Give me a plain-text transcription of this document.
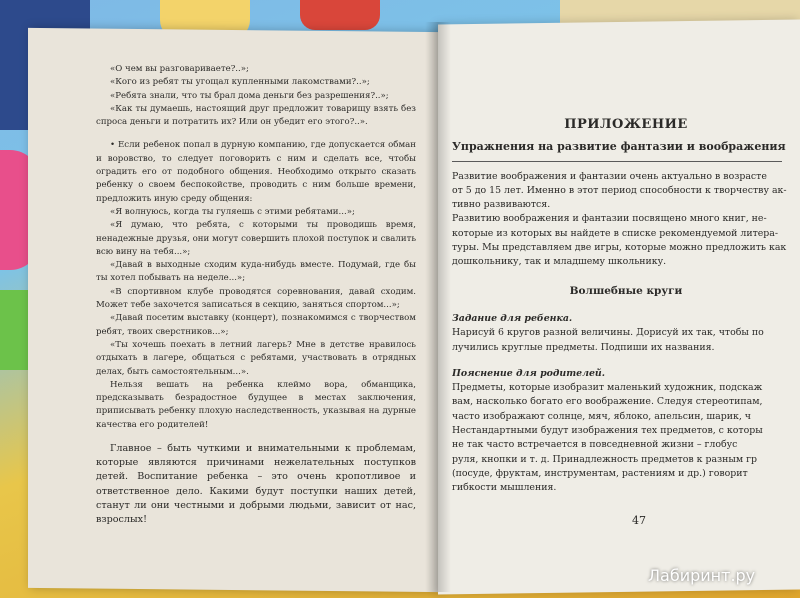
«О чем вы разговариваете?..»;

«Кого из ребят ты угощал купленными лакомствами?..»;

«Ребята знали, что ты брал дома деньги без разрешения?..»;

«Как ты думаешь, настоящий друг предложит товарищу взять без спроса деньги и потратить их? Или он убедит его этого?..».

• Если ребенок попал в дурную компанию, где допускается обман и воровство, то следует поговорить с ним и сделать все, чтобы оградить его от подобного общения. Необходимо открыто сказать ребенку о своем беспокойстве, проводить с ним больше времени, предложить иную среду общения:

«Я волнуюсь, когда ты гуляешь с этими ребятами...»;

«Я думаю, что ребята, с которыми ты проводишь время, ненадежные друзья, они могут совершить плохой поступок и свалить всю вину на тебя...»;

«Давай в выходные сходим куда-нибудь вместе. Подумай, где бы ты хотел побывать на неделе...»;

«В спортивном клубе проводятся соревнования, давай сходим. Может тебе захочется записаться в секцию, заняться спортом...»;

«Давай посетим выставку (концерт), познакомимся с творчеством ребят, твоих сверстников...»;

«Ты хочешь поехать в летний лагерь? Мне в детстве нравилось отдыхать в лагере, общаться с ребятами, участвовать в отрядных делах, быть самостоятельным...».

Нельзя вешать на ребенка клеймо вора, обманщика, предсказывать безрадостное будущее в местах заключения, приписывать ребенку плохую наследственность, указывая на дурные качества его родителей!

Главное – быть чуткими и внимательными к проблемам, которые являются причинами нежелательных поступков детей. Воспитание ребенка – это очень кропотливое и ответственное дело. Какими будут поступки наших детей, станут ли они честными и добрыми людьми, зависит от нас, взрослых!

ПРИЛОЖЕНИЕ

Упражнения на развитие фантазии и воображения

Развитие воображения и фантазии очень актуально в возрасте

от 5 до 15 лет. Именно в этот период способности к творчеству ак-

тивно развиваются.

Развитию воображения и фантазии посвящено много книг, не-

которые из которых вы найдете в списке рекомендуемой литера-

туры. Мы представляем две игры, которые можно предложить как

дошкольнику, так и младшему школьнику.

Волшебные круги

Задание для ребенка.

Нарисуй 6 кругов разной величины. Дорисуй их так, чтобы по

лучились круглые предметы. Подпиши их названия.

Пояснение для родителей.

Предметы, которые изобразит маленький художник, подскаж

вам, насколько богато его воображение. Следуя стереотипам,

часто изображают солнце, мяч, яблоко, апельсин, шарик, ч

Нестандартными будут изображения тех предметов, с которы

не так часто встречается в повседневной жизни – глобус

руля, кнопки и т. д. Принадлежность предметов к разным гр

(посуде, фруктам, инструментам, растениям и др.) говорит

гибкости мышления.

47
Лабиринт.ру
